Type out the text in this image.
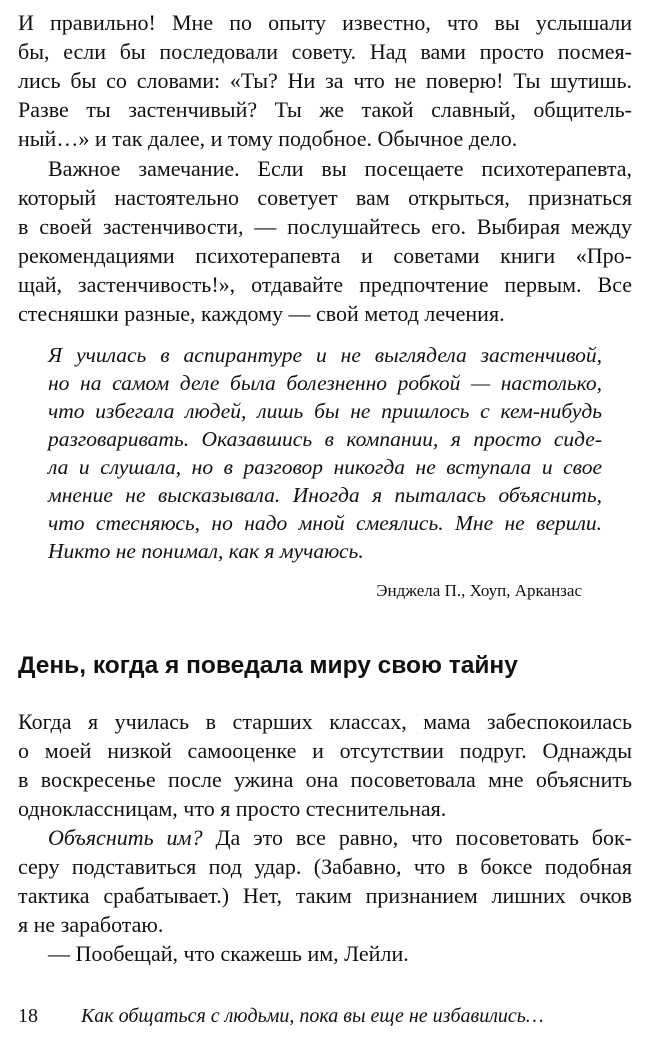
И правильно! Мне по опыту известно, что вы услышали
бы, если бы последовали совету. Над вами просто посмея-
лись бы со словами: «Ты? Ни за что не поверю! Ты шутишь.
Разве ты застенчивый? Ты же такой славный, общитель-
ный…» и так далее, и тому подобное. Обычное дело.
Важное замечание. Если вы посещаете психотерапевта,
который настоятельно советует вам открыться, признаться
в своей застенчивости, — послушайтесь его. Выбирая между
рекомендациями психотерапевта и советами книги «Про-
щай, застенчивость!», отдавайте предпочтение первым. Все
стесняшки разные, каждому — свой метод лечения.
Я училась в аспирантуре и не выглядела застенчивой,
но на самом деле была болезненно робкой — настолько,
что избегала людей, лишь бы не пришлось с кем-нибудь
разговаривать. Оказавшись в компании, я просто сиде-
ла и слушала, но в разговор никогда не вступала и свое
мнение не высказывала. Иногда я пыталась объяснить,
что стесняюсь, но надо мной смеялись. Мне не верили.
Никто не понимал, как я мучаюсь.
Энджела П., Хоуп, Арканзас
День, когда я поведала миру свою тайну
Когда я училась в старших классах, мама забеспокоилась
о моей низкой самооценке и отсутствии подруг. Однажды
в воскресенье после ужина она посоветовала мне объяснить
одноклассницам, что я просто стеснительная.
Объяснить им? Да это все равно, что посоветовать бок-
серу подставиться под удар. (Забавно, что в боксе подобная
тактика срабатывает.) Нет, таким признанием лишних очков
я не заработаю.
— Пообещай, что скажешь им, Лейли.
18 Как общаться с людьми, пока вы еще не избавились…
